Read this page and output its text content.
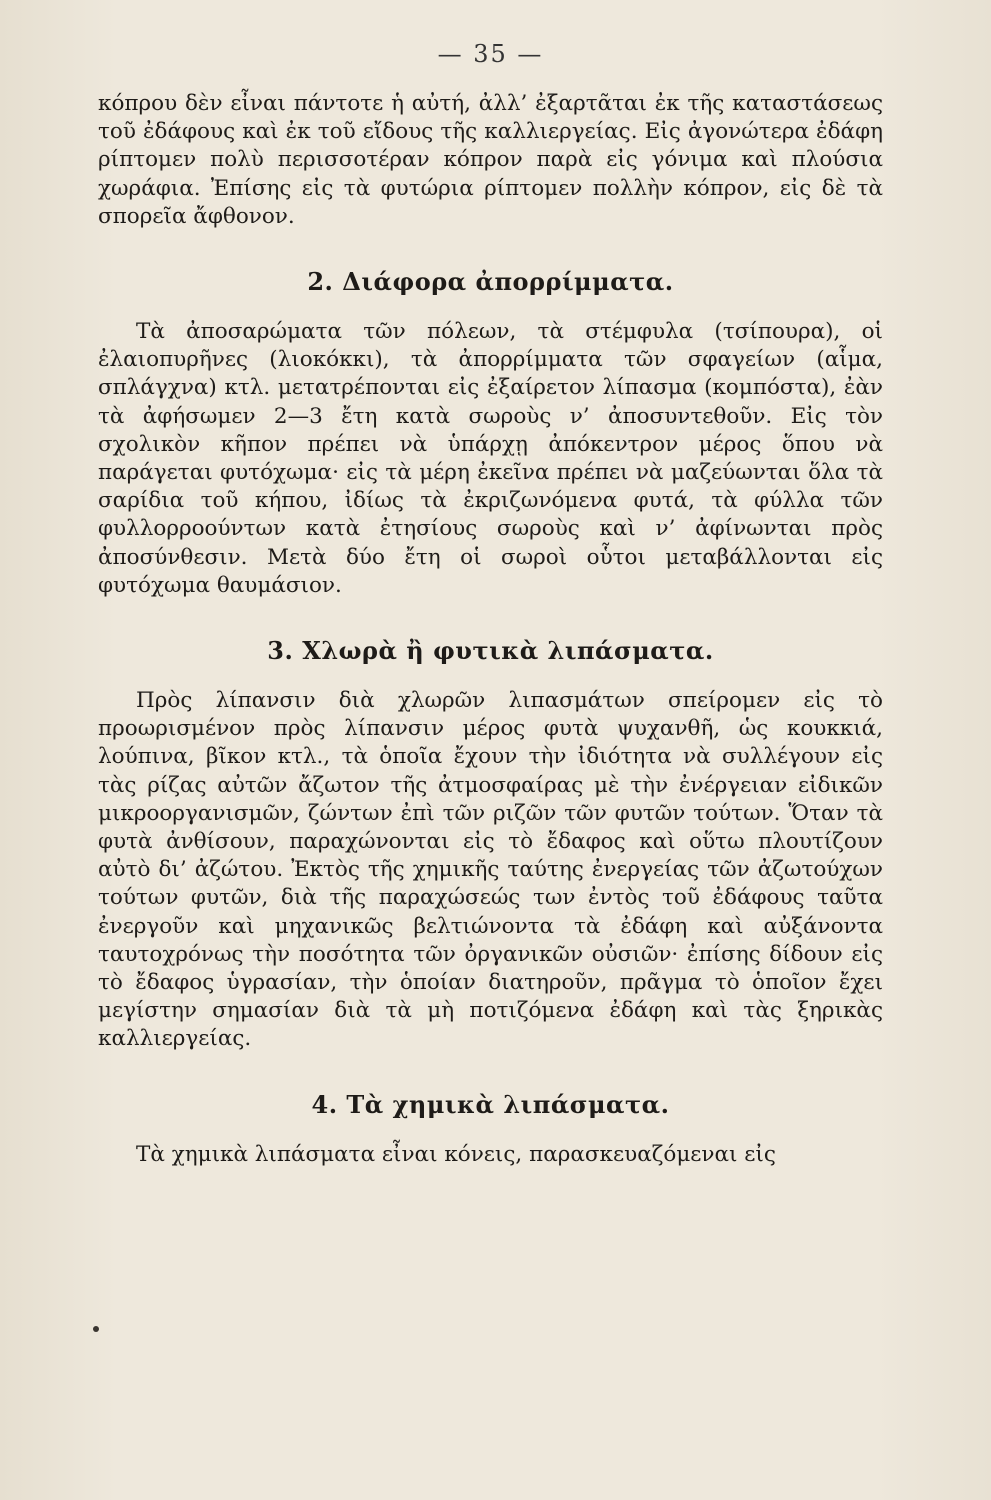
— 35 —

κόπρου δὲν εἶναι πάντοτε ἡ αὐτή, ἀλλ’ ἐξαρτᾶται ἐκ τῆς καταστάσεως τοῦ ἐδάφους καὶ ἐκ τοῦ εἴδους τῆς καλλιεργείας. Εἰς ἀγονώτερα ἐδάφη ρίπτομεν πολὺ περισσοτέραν κόπρον παρὰ εἰς γόνιμα καὶ πλούσια χωράφια. Ἐπίσης εἰς τὰ φυτώρια ρίπτομεν πολλὴν κόπρον, εἰς δὲ τὰ σπορεῖα ἄφθονον.

2. Διάφορα ἀπορρίμματα.

Τὰ ἀποσαρώματα τῶν πόλεων, τὰ στέμφυλα (τσίπουρα), οἱ ἐλαιοπυρῆνες (λιοκόκκι), τὰ ἀπορρίμματα τῶν σφαγείων (αἷμα, σπλάγχνα) κτλ. μετατρέπονται εἰς ἐξαίρετον λίπασμα (κομπόστα), ἐὰν τὰ ἀφήσωμεν 2—3 ἔτη κατὰ σωροὺς ν’ ἀποσυντεθοῦν. Εἰς τὸν σχολικὸν κῆπον πρέπει νὰ ὑπάρχῃ ἀπόκεντρον μέρος ὅπου νὰ παράγεται φυτόχωμα· εἰς τὰ μέρη ἐκεῖνα πρέπει νὰ μαζεύωνται ὅλα τὰ σαρίδια τοῦ κήπου, ἰδίως τὰ ἐκριζωνόμενα φυτά, τὰ φύλλα τῶν φυλλορροούντων κατὰ ἐτησίους σωροὺς καὶ ν’ ἀφίνωνται πρὸς ἀποσύνθεσιν. Μετὰ δύο ἔτη οἱ σωροὶ οὗτοι μεταβάλλονται εἰς φυτόχωμα θαυμάσιον.

3. Χλωρὰ ἢ φυτικὰ λιπάσματα.

Πρὸς λίπανσιν διὰ χλωρῶν λιπασμάτων σπείρομεν εἰς τὸ προωρισμένον πρὸς λίπανσιν μέρος φυτὰ ψυχανθῆ, ὡς κουκκιά, λούπινα, βῖκον κτλ., τὰ ὁποῖα ἔχουν τὴν ἰδιότητα νὰ συλλέγουν εἰς τὰς ρίζας αὐτῶν ἄζωτον τῆς ἀτμοσφαίρας μὲ τὴν ἐνέργειαν εἰδικῶν μικροοργανισμῶν, ζώντων ἐπὶ τῶν ριζῶν τῶν φυτῶν τούτων. Ὅταν τὰ φυτὰ ἀνθίσουν, παραχώνονται εἰς τὸ ἔδαφος καὶ οὕτω πλουτίζουν αὐτὸ δι’ ἀζώτου. Ἐκτὸς τῆς χημικῆς ταύτης ἐνεργείας τῶν ἀζωτούχων τούτων φυτῶν, διὰ τῆς παραχώσεώς των ἐντὸς τοῦ ἐδάφους ταῦτα ἐνεργοῦν καὶ μηχανικῶς βελτιώνοντα τὰ ἐδάφη καὶ αὐξάνοντα ταυτοχρόνως τὴν ποσότητα τῶν ὀργανικῶν οὐσιῶν· ἐπίσης δίδουν εἰς τὸ ἔδαφος ὑγρασίαν, τὴν ὁποίαν διατηροῦν, πρᾶγμα τὸ ὁποῖον ἔχει μεγίστην σημασίαν διὰ τὰ μὴ ποτιζόμενα ἐδάφη καὶ τὰς ξηρικὰς καλλιεργείας.

4. Τὰ χημικὰ λιπάσματα.

Τὰ χημικὰ λιπάσματα εἶναι κόνεις, παρασκευαζόμεναι εἰς
